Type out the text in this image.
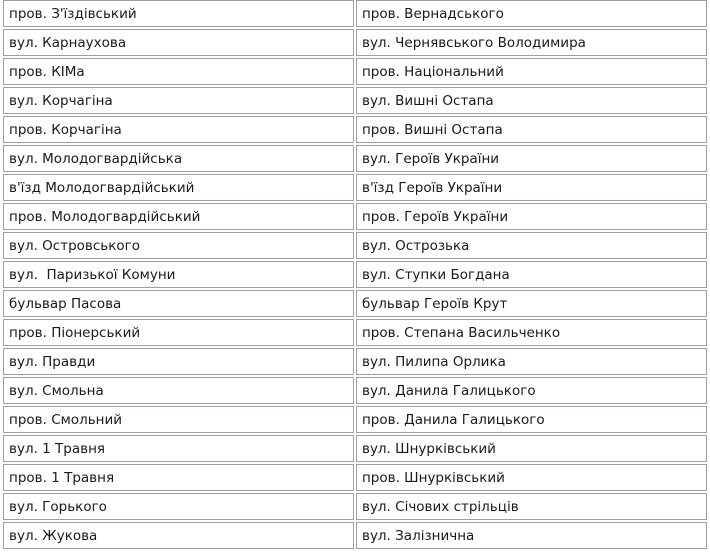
пров. З'їздівський	пров. Вернадського
вул. Карнаухова	вул. Чернявського Володимира
пров. КІМа	пров. Національний
вул. Корчагіна	вул. Вишні Остапа
пров. Корчагіна	пров. Вишні Остапа
вул. Молодогвардійська	вул. Героїв України
в'їзд Молодогвардійський	в'їзд Героїв України
пров. Молодогвардійський	пров. Героїв України
вул. Островського	вул. Острозька
вул.  Паризької Комуни	вул. Ступки Богдана
бульвар Пасова	бульвар Героїв Крут
пров. Піонерський	пров. Степана Васильченко
вул. Правди	вул. Пилипа Орлика
вул. Смольна	вул. Данила Галицького
пров. Смольний	пров. Данила Галицького
вул. 1 Травня	вул. Шнурківський
пров. 1 Травня	пров. Шнурківський
вул. Горького	вул. Січових стрільців
вул. Жукова	вул. Залізнична
